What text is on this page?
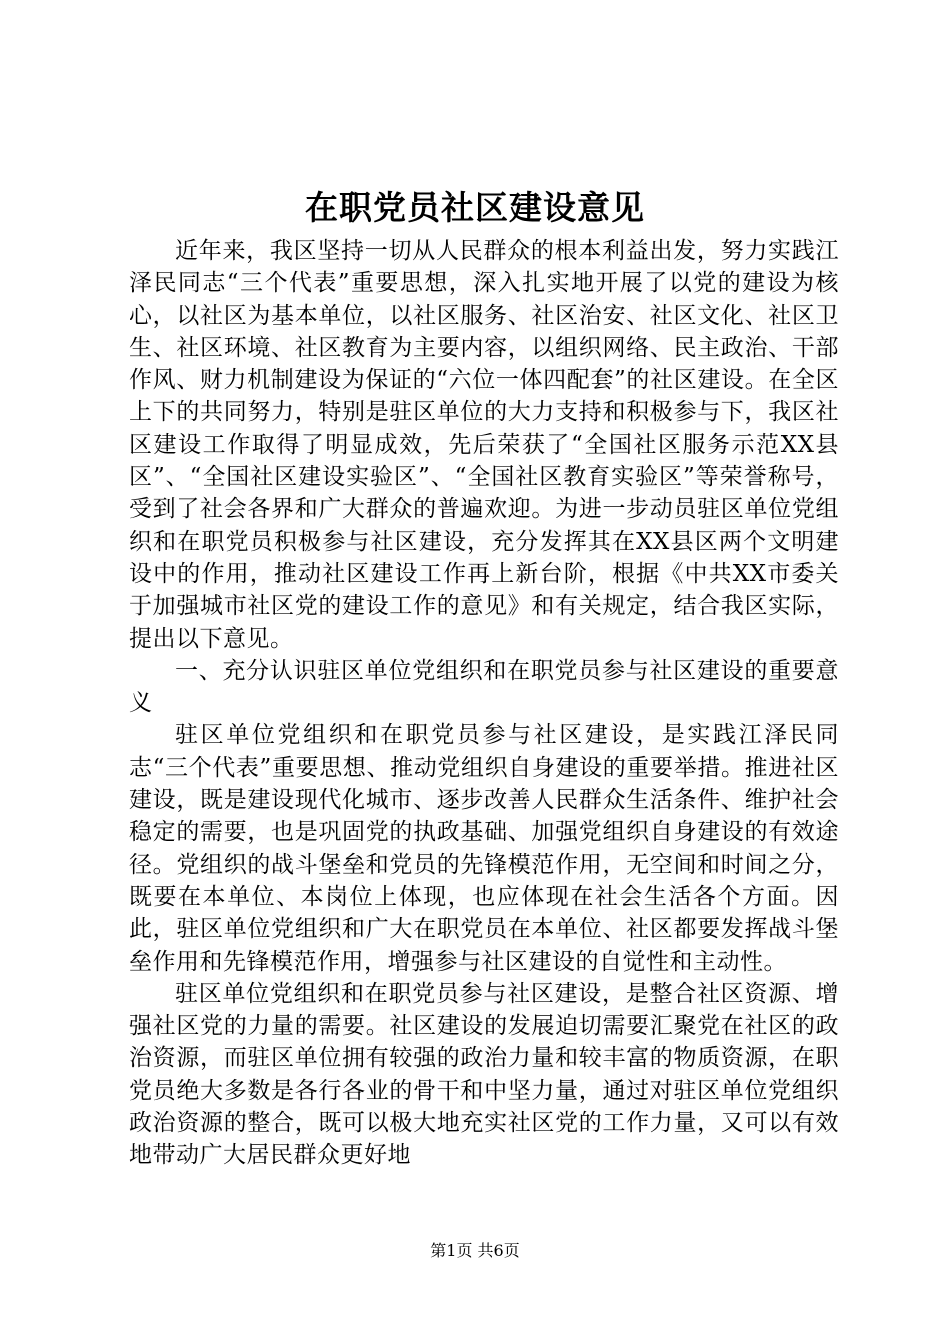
在职党员社区建设意见

近年来，我区坚持一切从人民群众的根本利益出发，努力实践江泽民同志“三个代表”重要思想，深入扎实地开展了以党的建设为核心，以社区为基本单位，以社区服务、社区治安、社区文化、社区卫生、社区环境、社区教育为主要内容，以组织网络、民主政治、干部作风、财力机制建设为保证的“六位一体四配套”的社区建设。在全区上下的共同努力，特别是驻区单位的大力支持和积极参与下，我区社区建设工作取得了明显成效，先后荣获了“全国社区服务示范XX县区”、“全国社区建设实验区”、“全国社区教育实验区”等荣誉称号，受到了社会各界和广大群众的普遍欢迎。为进一步动员驻区单位党组织和在职党员积极参与社区建设，充分发挥其在XX县区两个文明建设中的作用，推动社区建设工作再上新台阶，根据《中共XX市委关于加强城市社区党的建设工作的意见》和有关规定，结合我区实际，提出以下意见。

一、充分认识驻区单位党组织和在职党员参与社区建设的重要意义

驻区单位党组织和在职党员参与社区建设，是实践江泽民同志“三个代表”重要思想、推动党组织自身建设的重要举措。推进社区建设，既是建设现代化城市、逐步改善人民群众生活条件、维护社会稳定的需要，也是巩固党的执政基础、加强党组织自身建设的有效途径。党组织的战斗堡垒和党员的先锋模范作用，无空间和时间之分，既要在本单位、本岗位上体现，也应体现在社会生活各个方面。因此，驻区单位党组织和广大在职党员在本单位、社区都要发挥战斗堡垒作用和先锋模范作用，增强参与社区建设的自觉性和主动性。

驻区单位党组织和在职党员参与社区建设，是整合社区资源、增强社区党的力量的需要。社区建设的发展迫切需要汇聚党在社区的政治资源，而驻区单位拥有较强的政治力量和较丰富的物质资源，在职党员绝大多数是各行各业的骨干和中坚力量，通过对驻区单位党组织政治资源的整合，既可以极大地充实社区党的工作力量，又可以有效地带动广大居民群众更好地

第1页 共6页
